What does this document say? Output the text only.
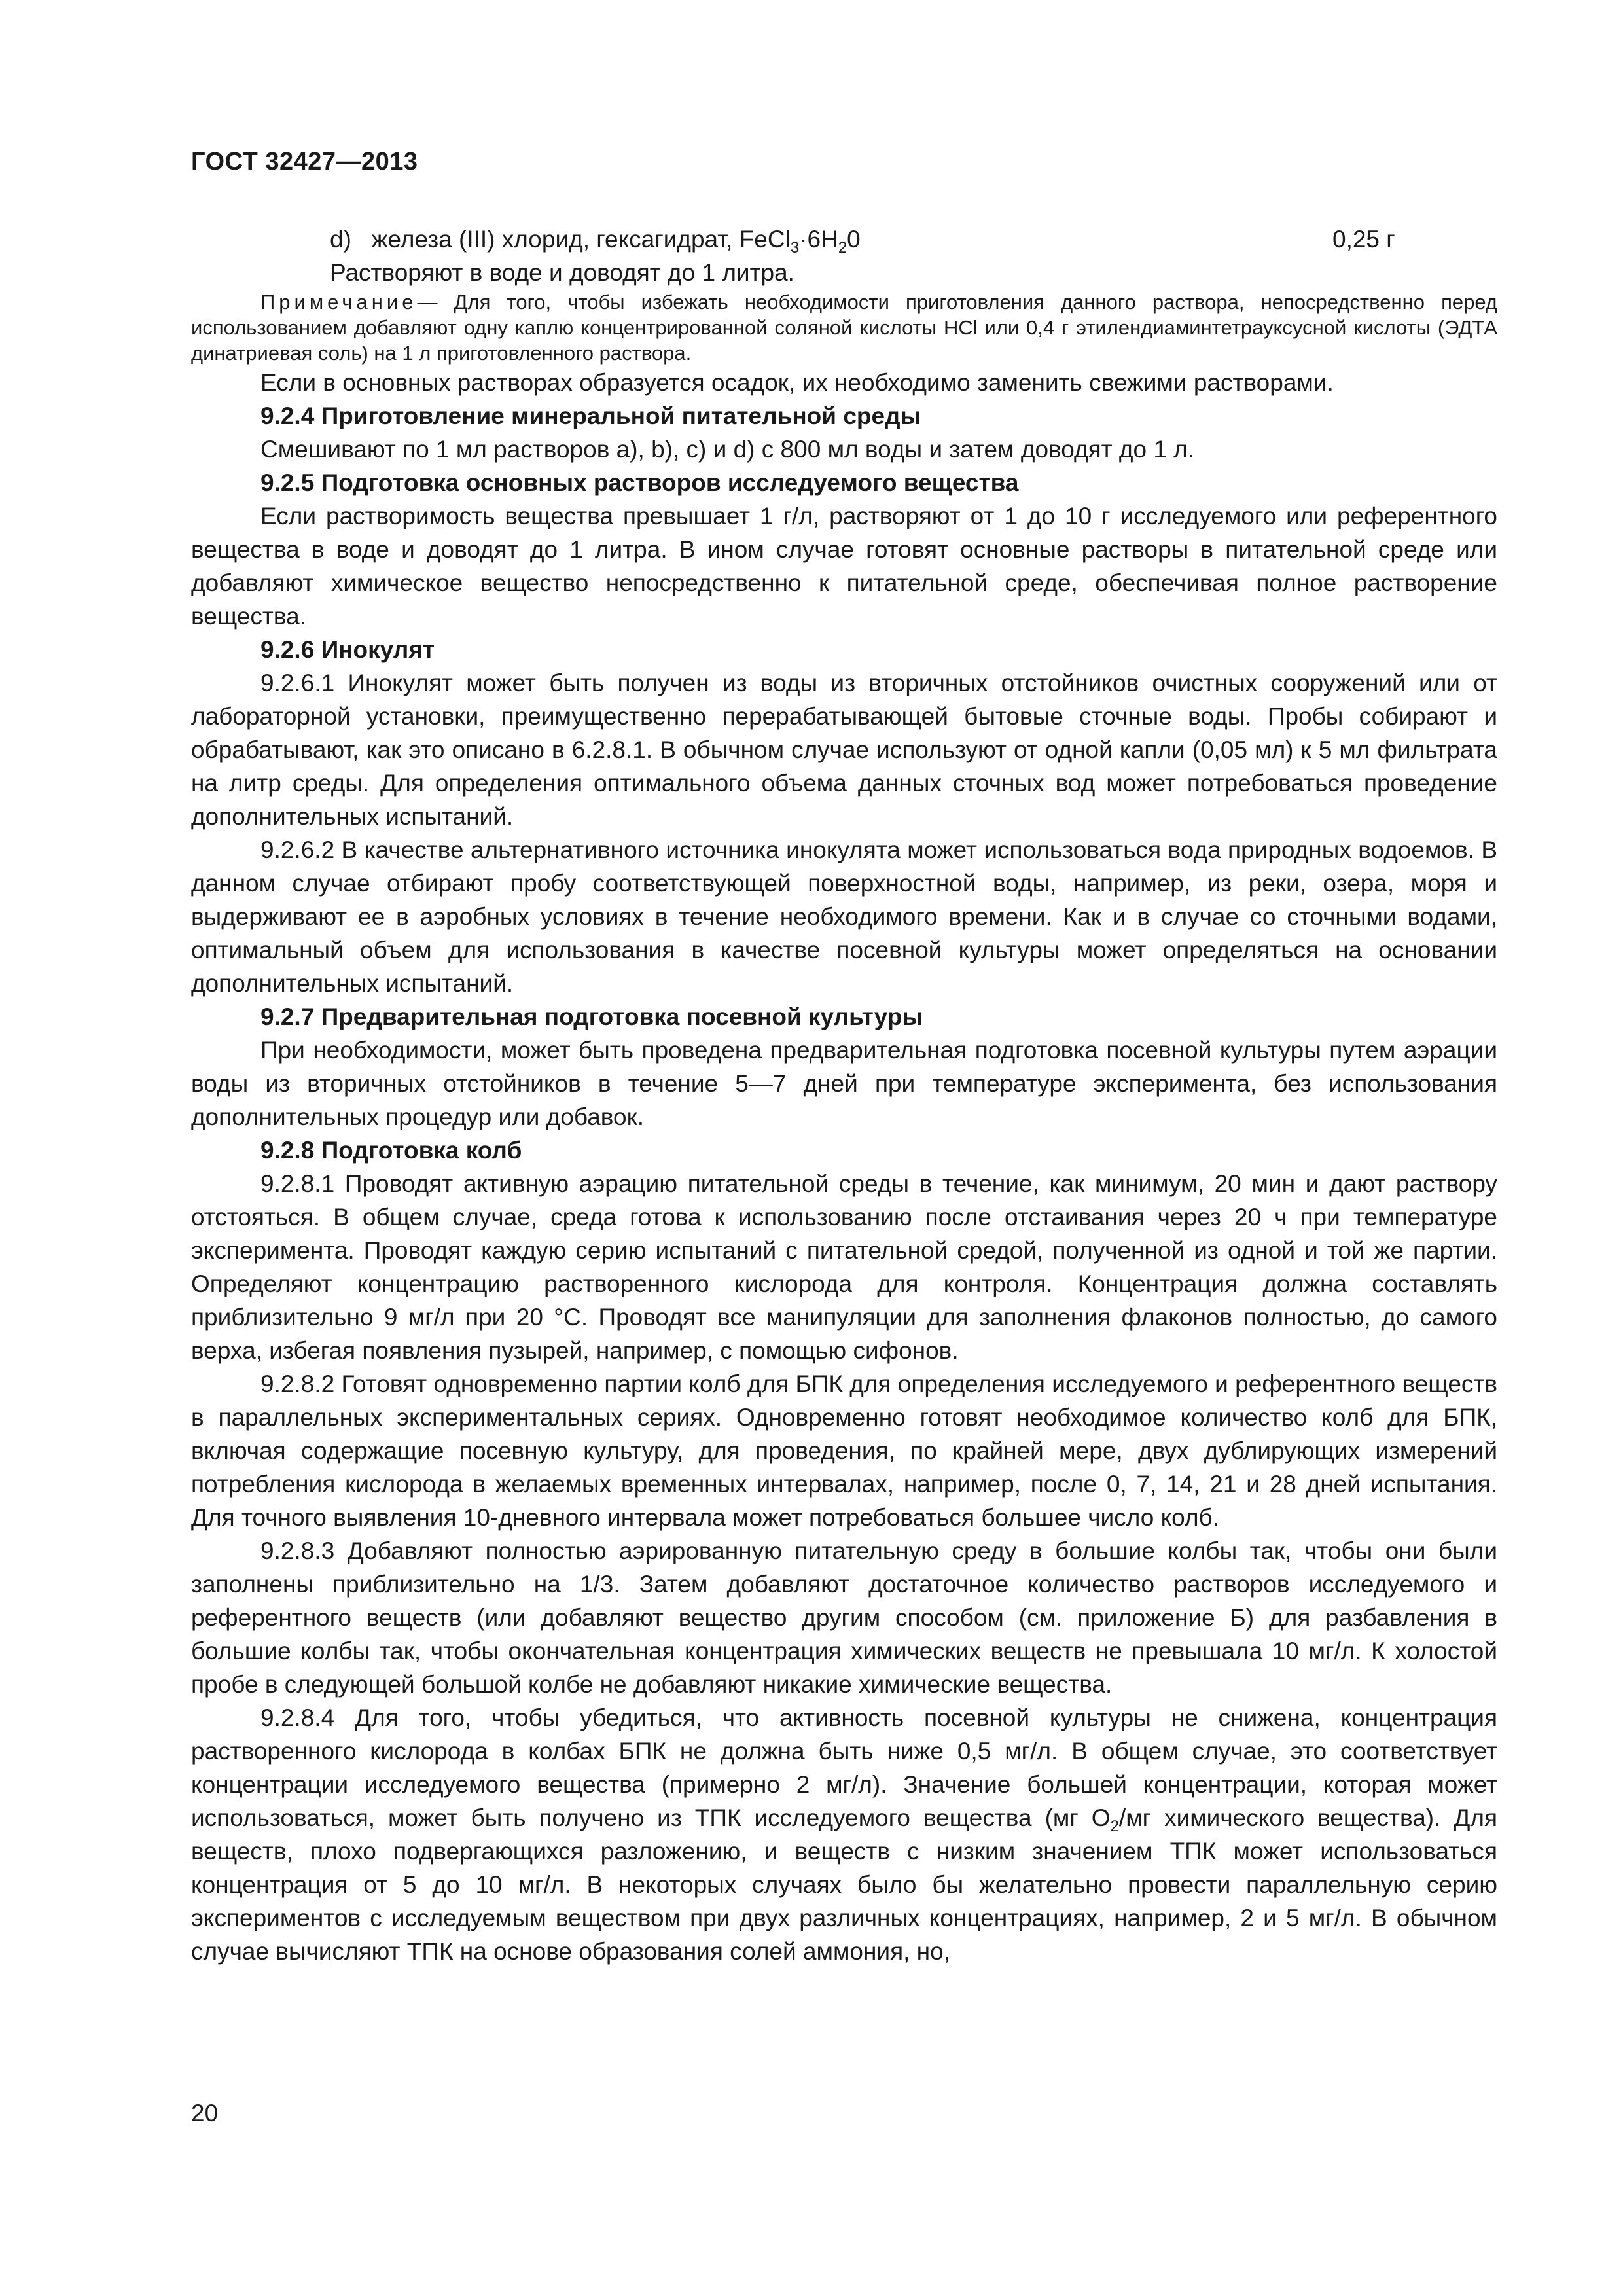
ГОСТ 32427—2013

d) железа (III) хлорид, гексагидрат, $FeCl_3\cdot 6H_20$	0,25 г

Растворяют в воде и доводят до 1 литра.

Примечание— Для того, чтобы избежать необходимости приготовления данного раствора, непосредственно перед использованием добавляют одну каплю концентрированной соляной кислоты HCl или 0,4 г этилендиаминтетрауксусной кислоты (ЭДТА динатриевая соль) на 1 л приготовленного раствора.

Если в основных растворах образуется осадок, их необходимо заменить свежими растворами.

9.2.4 Приготовление минеральной питательной среды

Смешивают по 1 мл растворов а), b), c) и d) с 800 мл воды и затем доводят до 1 л.

9.2.5 Подготовка основных растворов исследуемого вещества

Если растворимость вещества превышает 1 г/л, растворяют от 1 до 10 г исследуемого или референтного вещества в воде и доводят до 1 литра. В ином случае готовят основные растворы в питательной среде или добавляют химическое вещество непосредственно к питательной среде, обеспечивая полное растворение вещества.

9.2.6 Инокулят

9.2.6.1 Инокулят может быть получен из воды из вторичных отстойников очистных сооружений или от лабораторной установки, преимущественно перерабатывающей бытовые сточные воды. Пробы собирают и обрабатывают, как это описано в 6.2.8.1. В обычном случае используют от одной капли (0,05 мл) к 5 мл фильтрата на литр среды. Для определения оптимального объема данных сточных вод может потребоваться проведение дополнительных испытаний.

9.2.6.2 В качестве альтернативного источника инокулята может использоваться вода природных водоемов. В данном случае отбирают пробу соответствующей поверхностной воды, например, из реки, озера, моря и выдерживают ее в аэробных условиях в течение необходимого времени. Как и в случае со сточными водами, оптимальный объем для использования в качестве посевной культуры может определяться на основании дополнительных испытаний.

9.2.7 Предварительная подготовка посевной культуры

При необходимости, может быть проведена предварительная подготовка посевной культуры путем аэрации воды из вторичных отстойников в течение 5—7 дней при температуре эксперимента, без использования дополнительных процедур или добавок.

9.2.8 Подготовка колб

9.2.8.1 Проводят активную аэрацию питательной среды в течение, как минимум, 20 мин и дают раствору отстояться. В общем случае, среда готова к использованию после отстаивания через 20 ч при температуре эксперимента. Проводят каждую серию испытаний с питательной средой, полученной из одной и той же партии. Определяют концентрацию растворенного кислорода для контроля. Концентрация должна составлять приблизительно 9 мг/л при 20 °С. Проводят все манипуляции для заполнения флаконов полностью, до самого верха, избегая появления пузырей, например, с помощью сифонов.

9.2.8.2 Готовят одновременно партии колб для БПК для определения исследуемого и референтного веществ в параллельных экспериментальных сериях. Одновременно готовят необходимое количество колб для БПК, включая содержащие посевную культуру, для проведения, по крайней мере, двух дублирующих измерений потребления кислорода в желаемых временных интервалах, например, после 0, 7, 14, 21 и 28 дней испытания. Для точного выявления 10-дневного интервала может потребоваться большее число колб.

9.2.8.3 Добавляют полностью аэрированную питательную среду в большие колбы так, чтобы они были заполнены приблизительно на 1/3. Затем добавляют достаточное количество растворов исследуемого и референтного веществ (или добавляют вещество другим способом (см. приложение Б) для разбавления в большие колбы так, чтобы окончательная концентрация химических веществ не превышала 10 мг/л. К холостой пробе в следующей большой колбе не добавляют никакие химические вещества.

9.2.8.4 Для того, чтобы убедиться, что активность посевной культуры не снижена, концентрация растворенного кислорода в колбах БПК не должна быть ниже 0,5 мг/л. В общем случае, это соответствует концентрации исследуемого вещества (примерно 2 мг/л). Значение большей концентрации, которая может использоваться, может быть получено из ТПК исследуемого вещества (мг $O_2/мг$ химического вещества). Для веществ, плохо подвергающихся разложению, и веществ с низким значением ТПК может использоваться концентрация от 5 до 10 мг/л. В некоторых случаях было бы желательно провести параллельную серию экспериментов с исследуемым веществом при двух различных концентрациях, например, 2 и 5 мг/л. В обычном случае вычисляют ТПК на основе образования солей аммония, но,

20
